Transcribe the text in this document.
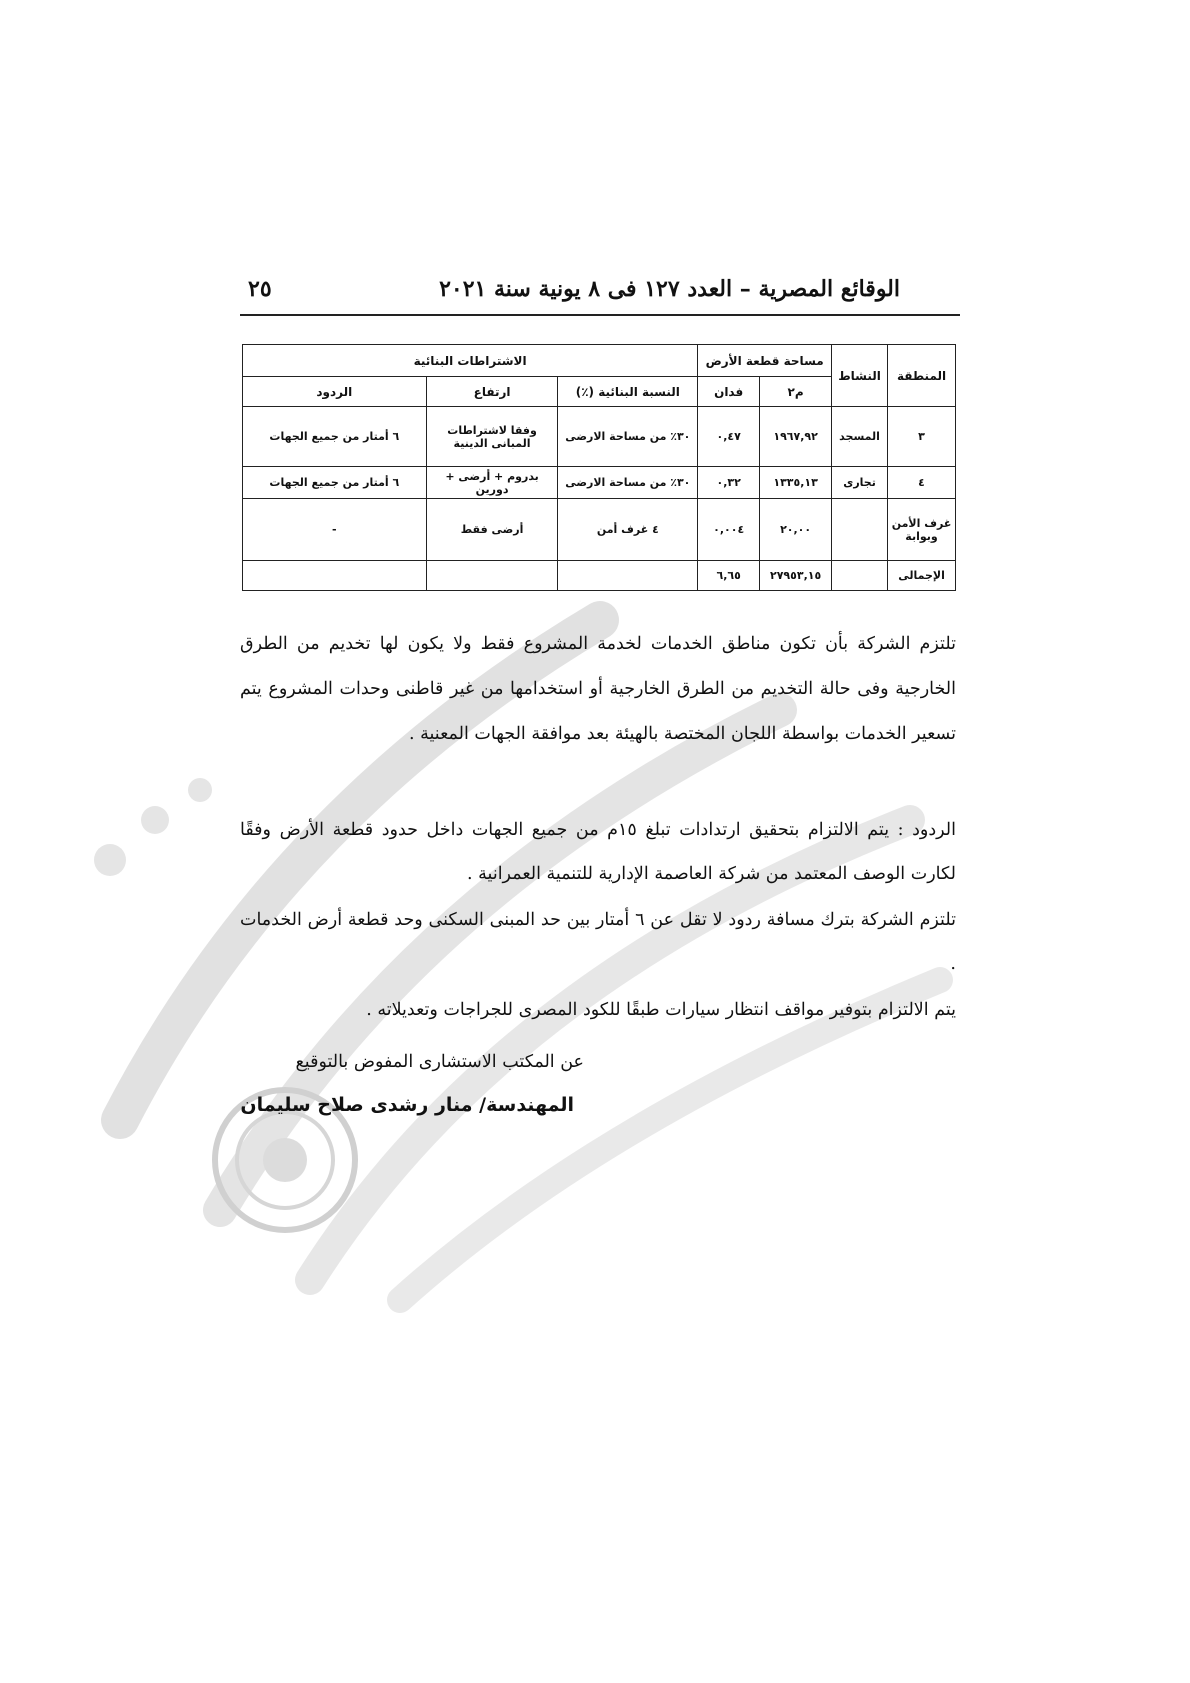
الوقائع المصرية – العدد ١٢٧ فى ٨ يونية سنة ٢٠٢١
٢٥
المنطقة	النشاط	مساحة قطعة الأرض		الاشتراطات البنائية		
		م٢	فدان	النسبة البنائية (٪)	ارتفاع	الردود
٣	المسجد	١٩٦٧,٩٢	٠,٤٧	٣٠٪ من مساحة الارضى	وفقا لاشتراطات المبانى الدينية	٦ أمتار من جميع الجهات
٤	تجارى	١٣٣٥,١٣	٠,٣٢	٣٠٪ من مساحة الارضى	بدروم + أرضى + دورين	٦ أمتار من جميع الجهات
غرف الأمن وبوابة		٢٠,٠٠	٠,٠٠٤	٤ غرف أمن	أرضى فقط	-
الإجمالى		٢٧٩٥٣,١٥	٦,٦٥			

تلتزم الشركة بأن تكون مناطق الخدمات لخدمة المشروع فقط ولا يكون لها تخديم من الطرق الخارجية وفى حالة التخديم من الطرق الخارجية أو استخدامها من غير قاطنى وحدات المشروع يتم تسعير الخدمات بواسطة اللجان المختصة بالهيئة بعد موافقة الجهات المعنية .

الردود : يتم الالتزام بتحقيق ارتدادات تبلغ ١٥م من جميع الجهات داخل حدود قطعة الأرض وفقًا لكارت الوصف المعتمد من شركة العاصمة الإدارية للتنمية العمرانية .

تلتزم الشركة بترك مسافة ردود لا تقل عن ٦ أمتار بين حد المبنى السكنى وحد قطعة أرض الخدمات .

يتم الالتزام بتوفير مواقف انتظار سيارات طبقًا للكود المصرى للجراجات وتعديلاته .

عن المكتب الاستشارى المفوض بالتوقيع
المهندسة/ منار رشدى صلاح سليمان
